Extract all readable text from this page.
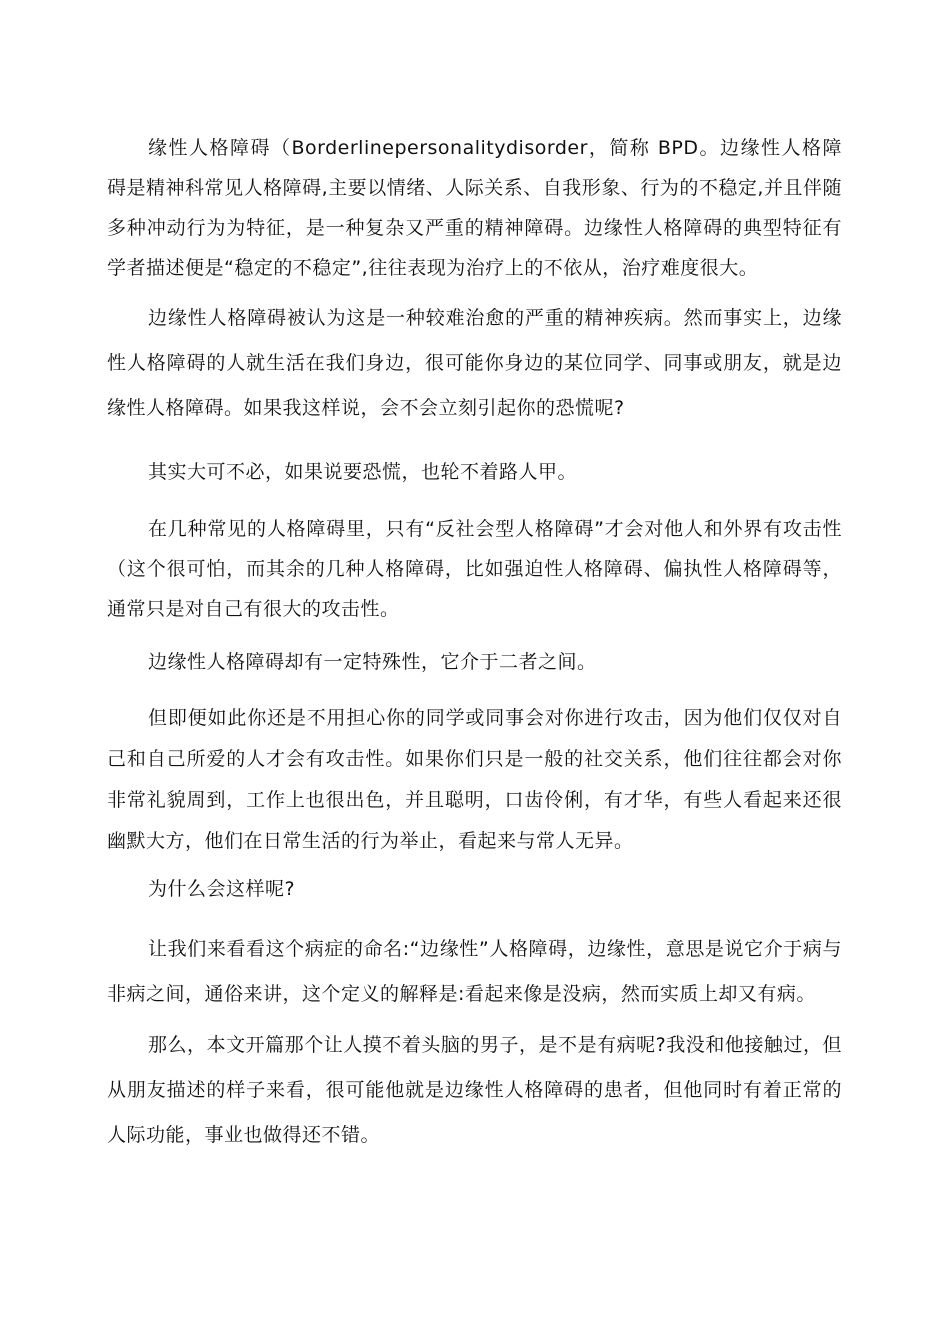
缘性人格障碍（Borderlinepersonalitydisorder，简称 BPD。边缘性人格障碍是精神科常见人格障碍,主要以情绪、人际关系、自我形象、行为的不稳定,并且伴随多种冲动行为为特征，是一种复杂又严重的精神障碍。边缘性人格障碍的典型特征有学者描述便是“稳定的不稳定”,往往表现为治疗上的不依从，治疗难度很大。

边缘性人格障碍被认为这是一种较难治愈的严重的精神疾病。然而事实上，边缘性人格障碍的人就生活在我们身边，很可能你身边的某位同学、同事或朋友，就是边缘性人格障碍。如果我这样说，会不会立刻引起你的恐慌呢?

其实大可不必，如果说要恐慌，也轮不着路人甲。

在几种常见的人格障碍里，只有“反社会型人格障碍”才会对他人和外界有攻击性（这个很可怕，而其余的几种人格障碍，比如强迫性人格障碍、偏执性人格障碍等，通常只是对自己有很大的攻击性。

边缘性人格障碍却有一定特殊性，它介于二者之间。

但即便如此你还是不用担心你的同学或同事会对你进行攻击，因为他们仅仅对自己和自己所爱的人才会有攻击性。如果你们只是一般的社交关系，他们往往都会对你非常礼貌周到，工作上也很出色，并且聪明，口齿伶俐，有才华，有些人看起来还很幽默大方，他们在日常生活的行为举止，看起来与常人无异。

为什么会这样呢?

让我们来看看这个病症的命名:“边缘性”人格障碍，边缘性，意思是说它介于病与非病之间，通俗来讲，这个定义的解释是:看起来像是没病，然而实质上却又有病。

那么，本文开篇那个让人摸不着头脑的男子，是不是有病呢?我没和他接触过，但从朋友描述的样子来看，很可能他就是边缘性人格障碍的患者，但他同时有着正常的人际功能，事业也做得还不错。
